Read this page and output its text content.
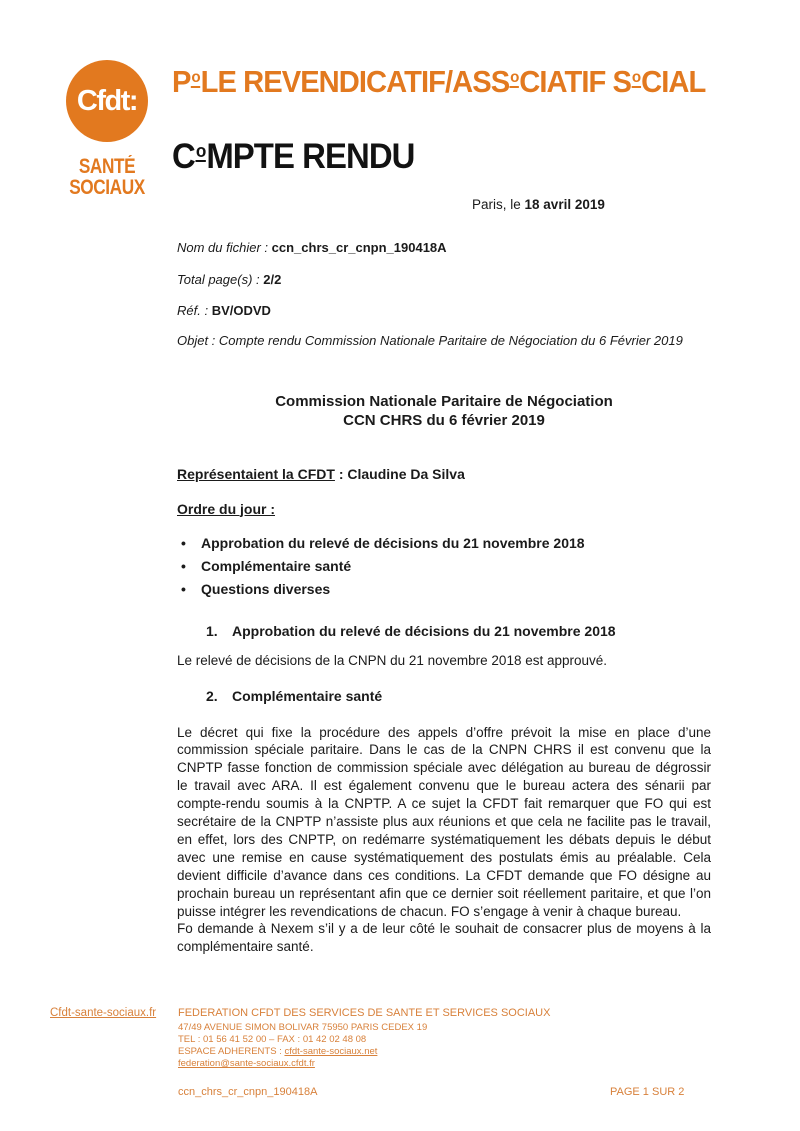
Cfdt:
SANTÉ
SOCIAUX
PoLE REVENDICATIF/ASSoCIATIF SoCIAL
CoMPTE RENDU
Paris, le 18 avril 2019
Nom du fichier : ccn_chrs_cr_cnpn_190418A
Total page(s) : 2/2
Réf. : BV/ODVD
Objet : Compte rendu Commission Nationale Paritaire de Négociation du 6 Février 2019
Commission Nationale Paritaire de Négociation
CCN CHRS du 6 février 2019
Représentaient la CFDT : Claudine Da Silva
Ordre du jour :
•	Approbation du relevé de décisions du 21 novembre 2018
•	Complémentaire santé
•	Questions diverses
1.	Approbation du relevé de décisions du 21 novembre 2018
Le relevé de décisions de la CNPN du 21 novembre 2018 est approuvé.
2.	Complémentaire santé
Le décret qui fixe la procédure des appels d’offre prévoit la mise en place d’une commission spéciale paritaire. Dans le cas de la CNPN CHRS il est convenu que la CNPTP fasse fonction de commission spéciale avec délégation au bureau de dégrossir le travail avec ARA. Il est également convenu que le bureau actera des sénarii par compte-rendu soumis à la CNPTP. A ce sujet la CFDT fait remarquer que FO qui est secrétaire de la CNPTP n’assiste plus aux réunions et que cela ne facilite pas le travail, en effet, lors des CNPTP, on redémarre systématiquement les débats depuis le début avec une remise en cause systématiquement des postulats émis au préalable. Cela devient difficile d’avance dans ces conditions. La CFDT demande que FO désigne au prochain bureau un représentant afin que ce dernier soit réellement paritaire, et que l’on puisse intégrer les revendications de chacun. FO s’engage à venir à chaque bureau.
Fo demande à Nexem s’il y a de leur côté le souhait de consacrer plus de moyens à la complémentaire santé.
Cfdt-sante-sociaux.fr FEDERATION CFDT DES SERVICES DE SANTE ET SERVICES SOCIAUX
47/49 AVENUE SIMON BOLIVAR 75950 PARIS CEDEX 19
TEL : 01 56 41 52 00 – FAX : 01 42 02 48 08
ESPACE ADHERENTS : cfdt-sante-sociaux.net
federation@sante-sociaux.cfdt.fr
ccn_chrs_cr_cnpn_190418A	PAGE 1 SUR 2
